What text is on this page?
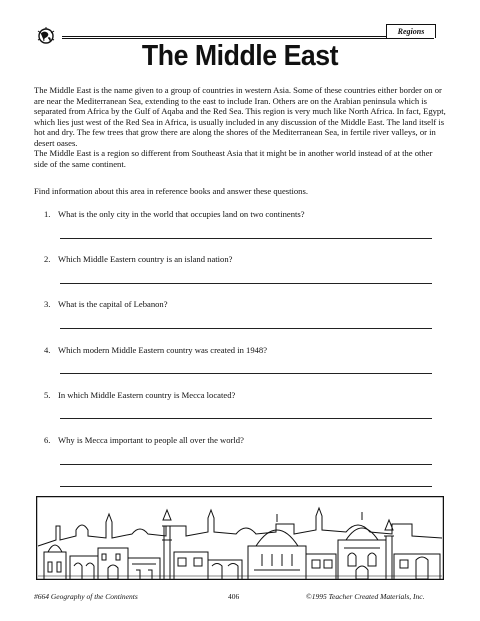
Regions
The Middle East

The Middle East is the name given to a group of countries in western Asia. Some of these countries either border on or are near the Mediterranean Sea, extending to the east to include Iran. Others are on the Arabian peninsula which is separated from Africa by the Gulf of Aqaba and the Red Sea. This region is very much like North Africa. In fact, Egypt, which lies just west of the Red Sea in Africa, is usually included in any discussion of the Middle East. The land itself is hot and dry. The few trees that grow there are along the shores of the Mediterranean Sea, in fertile river valleys, or in desert oases.

The Middle East is a region so different from Southeast Asia that it might be in another world instead of at the other side of the same continent.

Find information about this area in reference books and answer these questions.
1. What is the only city in the world that occupies land on two continents?
2. Which Middle Eastern country is an island nation?
3. What is the capital of Lebanon?
4. Which modern Middle Eastern country was created in 1948?
5. In which Middle Eastern country is Mecca located?
6. Why is Mecca important to people all over the world?
#664 Geography of the Continents	406	©1995 Teacher Created Materials, Inc.
